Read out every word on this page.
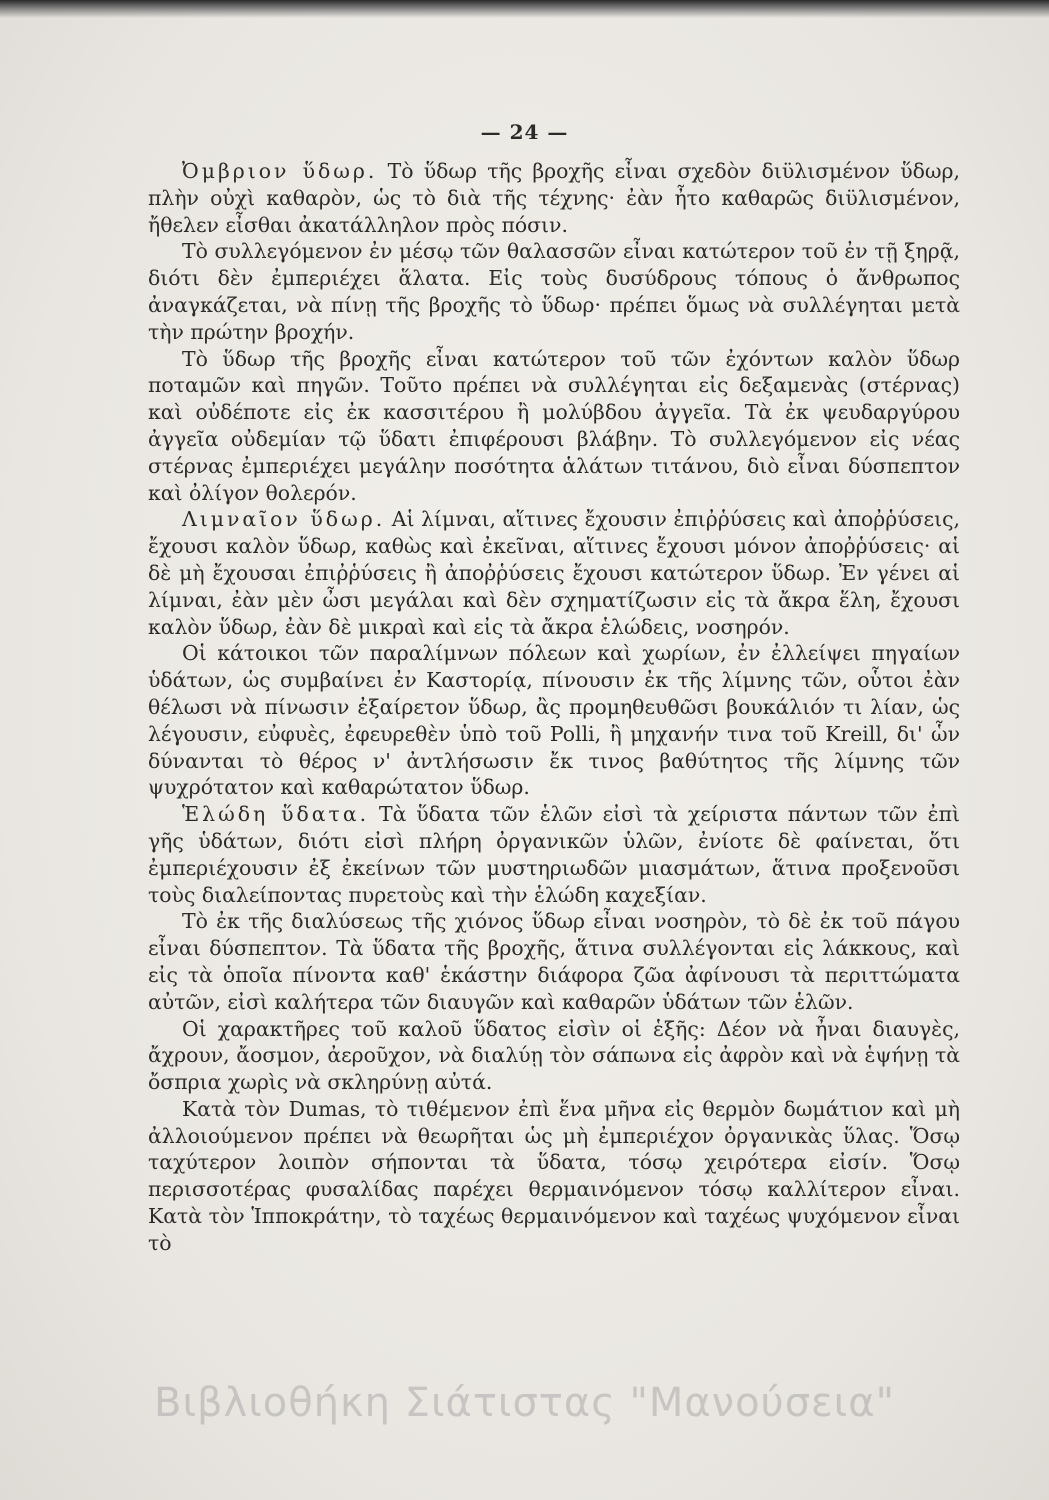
— 24 —

Ὀμβριον ὕδωρ. Τὸ ὕδωρ τῆς βροχῆς εἶναι σχεδὸν διϋλισμένον ὕδωρ, πλὴν οὐχὶ καθαρὸν, ὡς τὸ διὰ τῆς τέχνης· ἐὰν ἦτο καθαρῶς διϋλισμένον, ἤθελεν εἶσθαι ἀκατάλληλον πρὸς πόσιν.

Τὸ συλλεγόμενον ἐν μέσῳ τῶν θαλασσῶν εἶναι κατώτερον τοῦ ἐν τῇ ξηρᾷ, διότι δὲν ἐμπεριέχει ἅλατα. Εἰς τοὺς δυσύδρους τόπους ὁ ἄνθρωπος ἀναγκάζεται, νὰ πίνῃ τῆς βροχῆς τὸ ὕδωρ· πρέπει ὅμως νὰ συλλέγηται μετὰ τὴν πρώτην βροχήν.

Τὸ ὕδωρ τῆς βροχῆς εἶναι κατώτερον τοῦ τῶν ἐχόντων καλὸν ὕδωρ ποταμῶν καὶ πηγῶν. Τοῦτο πρέπει νὰ συλλέγηται εἰς δεξαμενὰς (στέρνας) καὶ οὐδέποτε εἰς ἐκ κασσιτέρου ἢ μολύβδου ἀγγεῖα. Τὰ ἐκ ψευδαργύρου ἀγγεῖα οὐδεμίαν τῷ ὕδατι ἐπιφέρουσι βλάβην. Τὸ συλλεγόμενον εἰς νέας στέρνας ἐμπεριέχει μεγάλην ποσότητα ἁλάτων τιτάνου, διὸ εἶναι δύσπεπτον καὶ ὀλίγον θολερόν.

Λιμναῖον ὕδωρ. Αἱ λίμναι, αἵτινες ἔχουσιν ἐπιῤῥύσεις καὶ ἀποῤῥύσεις, ἔχουσι καλὸν ὕδωρ, καθὼς καὶ ἐκεῖναι, αἵτινες ἔχουσι μόνον ἀποῤῥύσεις· αἱ δὲ μὴ ἔχουσαι ἐπιῤῥύσεις ἢ ἀποῤῥύσεις ἔχουσι κατώτερον ὕδωρ. Ἐν γένει αἱ λίμναι, ἐὰν μὲν ὦσι μεγάλαι καὶ δὲν σχηματίζωσιν εἰς τὰ ἄκρα ἕλη, ἔχουσι καλὸν ὕδωρ, ἐὰν δὲ μικραὶ καὶ εἰς τὰ ἄκρα ἑλώδεις, νοσηρόν.

Οἱ κάτοικοι τῶν παραλίμνων πόλεων καὶ χωρίων, ἐν ἐλλείψει πηγαίων ὑδάτων, ὡς συμβαίνει ἐν Καστορίᾳ, πίνουσιν ἐκ τῆς λίμνης τῶν, οὗτοι ἐὰν θέλωσι νὰ πίνωσιν ἐξαίρετον ὕδωρ, ἂς προμηθευθῶσι βουκάλιόν τι λίαν, ὡς λέγουσιν, εὐφυὲς, ἐφευρεθὲν ὑπὸ τοῦ Polli, ἢ μηχανήν τινα τοῦ Kreill, δι' ὧν δύνανται τὸ θέρος ν' ἀντλήσωσιν ἔκ τινος βαθύτητος τῆς λίμνης τῶν ψυχρότατον καὶ καθαρώτατον ὕδωρ.

Ἑλώδη ὕδατα. Τὰ ὕδατα τῶν ἑλῶν εἰσὶ τὰ χείριστα πάντων τῶν ἐπὶ γῆς ὑδάτων, διότι εἰσὶ πλήρη ὀργανικῶν ὑλῶν, ἐνίοτε δὲ φαίνεται, ὅτι ἐμπεριέχουσιν ἐξ ἐκείνων τῶν μυστηριωδῶν μιασμάτων, ἅτινα προξενοῦσι τοὺς διαλείποντας πυρετοὺς καὶ τὴν ἑλώδη καχεξίαν.

Τὸ ἐκ τῆς διαλύσεως τῆς χιόνος ὕδωρ εἶναι νοσηρὸν, τὸ δὲ ἐκ τοῦ πάγου εἶναι δύσπεπτον. Τὰ ὕδατα τῆς βροχῆς, ἅτινα συλλέγονται εἰς λάκκους, καὶ εἰς τὰ ὁποῖα πίνοντα καθ' ἑκάστην διάφορα ζῶα ἀφίνουσι τὰ περιττώματα αὐτῶν, εἰσὶ καλήτερα τῶν διαυγῶν καὶ καθαρῶν ὑδάτων τῶν ἑλῶν.

Οἱ χαρακτῆρες τοῦ καλοῦ ὕδατος εἰσὶν οἱ ἑξῆς: Δέον νὰ ἦναι διαυγὲς, ἄχρουν, ἄοσμον, ἀεροῦχον, νὰ διαλύῃ τὸν σάπωνα εἰς ἀφρὸν καὶ νὰ ἑψήνῃ τὰ ὄσπρια χωρὶς νὰ σκληρύνῃ αὐτά.

Κατὰ τὸν Dumas, τὸ τιθέμενον ἐπὶ ἕνα μῆνα εἰς θερμὸν δωμάτιον καὶ μὴ ἀλλοιούμενον πρέπει νὰ θεωρῆται ὡς μὴ ἐμπεριέχον ὀργανικὰς ὕλας. Ὅσῳ ταχύτερον λοιπὸν σήπονται τὰ ὕδατα, τόσῳ χειρότερα εἰσίν. Ὅσῳ περισσοτέρας φυσαλίδας παρέχει θερμαινόμενον τόσῳ καλλίτερον εἶναι. Κατὰ τὸν Ἱπποκράτην, τὸ ταχέως θερμαινόμενον καὶ ταχέως ψυχόμενον εἶναι τὸ

Βιβλιοθήκη Σιάτιστας "Μανούσεια"
